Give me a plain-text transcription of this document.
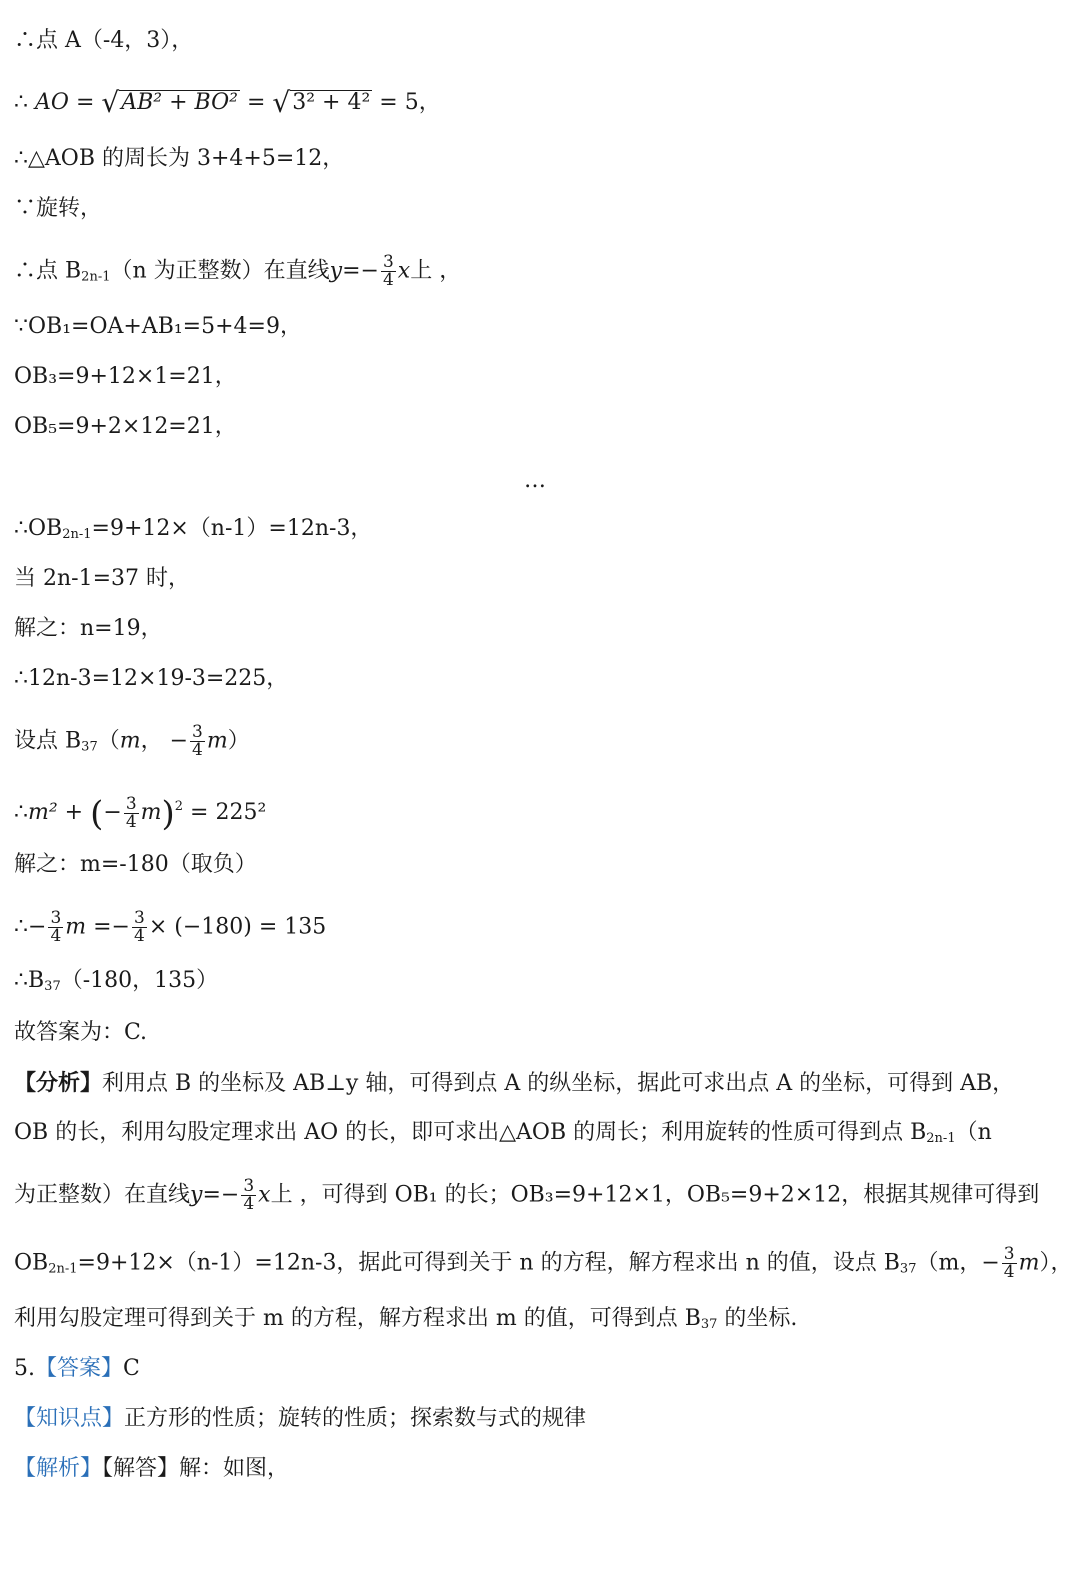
∴点 A（-4，3），
∴ AO = √AB² + BO² = √3² + 4² = 5，
∴△AOB 的周长为 3+4+5=12，
∵旋转，
∴点 $B_{2n-1}(n$ 为正整数）在直线$y=- \frac{3}{4}$ x上 ，
∵OB₁=OA+AB₁=5+4=9，
OB₃=9+12×1=21，
OB₅=9+2×12=21，
…
$\therefore OB_{2n-1}=9+12\times(n-1)=12n-3$，
当 2n-1=37 时，
解之：n=19，
∴12n-3=12×19-3=225，
设点 $B_{37}(m$， − $\frac{3}{4} m$）
∴m² + (− $\frac{3}{4} m)^2 = 225^2$
解之：m=-180（取负）
∴− $\frac{3}{4}$ $m =- \frac{3}{4} \times (-180) = 135$
$\therefore B_{37}(-180$，135）
故答案为：C.
【分析】利用点 B 的坐标及 AB⊥y 轴，可得到点 A 的纵坐标，据此可求出点 A 的坐标，可得到 AB，
OB 的长，利用勾股定理求出 AO 的长，即可求出△AOB 的周长；利用旋转的性质可得到点 $B_{2n-1}(n$
为正整数）在直线$y=- \frac{3}{4}$ x上 ，可得到 OB₁ 的长；OB₃=9+12×1，OB₅=9+2×12，根据其规律可得到
$OB_{2n-1}=9+12\times(n-1)=12n-3$，据此可得到关于 n 的方程，解方程求出 n 的值，设点 $B_{37}(m$，− $\frac{3}{4} m$），
利用勾股定理可得到关于 m 的方程，解方程求出 m 的值，可得到点 $B_{37}$ 的坐标.
5.【答案】C
【知识点】正方形的性质；旋转的性质；探索数与式的规律
【解析】【解答】解：如图，
